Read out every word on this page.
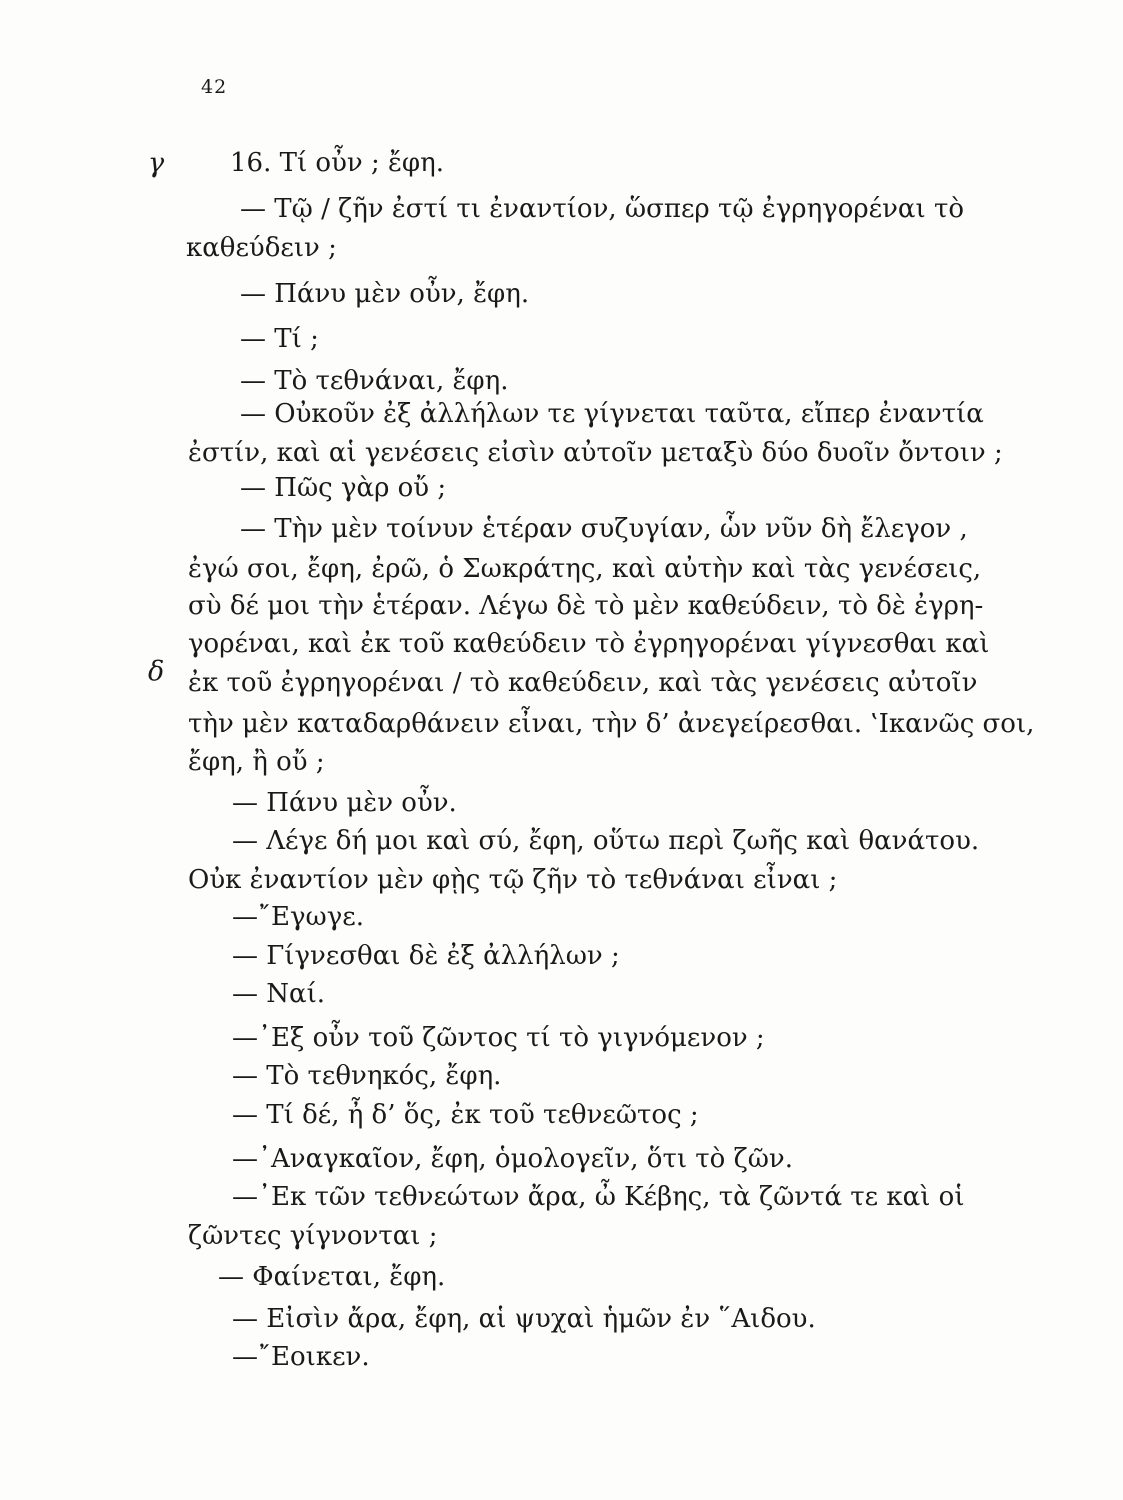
42
γ
δ
16. Τί οὖν ; ἔφη.
— Τῷ / ζῆν ἐστί τι ἐναντίον, ὥσπερ τῷ ἐγρηγορέναι τὸ
καθεύδειν ;
— Πάνυ μὲν οὖν, ἔφη.
— Τί ;
— Τὸ τεθνάναι, ἔφη.
— Οὐκοῦν ἐξ ἀλλήλων τε γίγνεται ταῦτα, εἴπερ ἐναντία
ἐστίν, καὶ αἱ γενέσεις εἰσὶν αὐτοῖν μεταξὺ δύο δυοῖν ὄντοιν ;
— Πῶς γὰρ οὔ ;
— Τὴν μὲν τοίνυν ἑτέραν συζυγίαν, ὧν νῦν δὴ ἔλεγον ,
ἐγώ σοι, ἔφη, ἐρῶ, ὁ Σωκράτης, καὶ αὐτὴν καὶ τὰς γενέσεις,
σὺ δέ μοι τὴν ἑτέραν. Λέγω δὲ τὸ μὲν καθεύδειν, τὸ δὲ ἐγρη-
γορέναι, καὶ ἐκ τοῦ καθεύδειν τὸ ἐγρηγορέναι γίγνεσθαι καὶ
ἐκ τοῦ ἐγρηγορέναι / τὸ καθεύδειν, καὶ τὰς γενέσεις αὐτοῖν
τὴν μὲν καταδαρθάνειν εἶναι, τὴν δ’ ἀνεγείρεσθαι. ‛Ικανῶς σοι,
ἔφη, ἢ οὔ ;
— Πάνυ μὲν οὖν.
— Λέγε δή μοι καὶ σύ, ἔφη, οὕτω περὶ ζωῆς καὶ θανάτου.
Οὐκ ἐναντίον μὲν φῂς τῷ ζῆν τὸ τεθνάναι εἶναι ;
—῎Εγωγε.
— Γίγνεσθαι δὲ ἐξ ἀλλήλων ;
— Ναί.
—᾽Εξ οὖν τοῦ ζῶντος τί τὸ γιγνόμενον ;
— Τὸ τεθνηκός, ἔφη.
— Τί δέ, ἦ δ’ ὅς, ἐκ τοῦ τεθνεῶτος ;
—᾽Αναγκαῖον, ἔφη, ὁμολογεῖν, ὅτι τὸ ζῶν.
—᾽Εκ τῶν τεθνεώτων ἄρα, ὦ Κέβης, τὰ ζῶντά τε καὶ οἱ
ζῶντες γίγνονται ;
— Φαίνεται, ἔφη.
— Εἰσὶν ἄρα, ἔφη, αἱ ψυχαὶ ἡμῶν ἐν ῞Αιδου.
—῎Εοικεν.
